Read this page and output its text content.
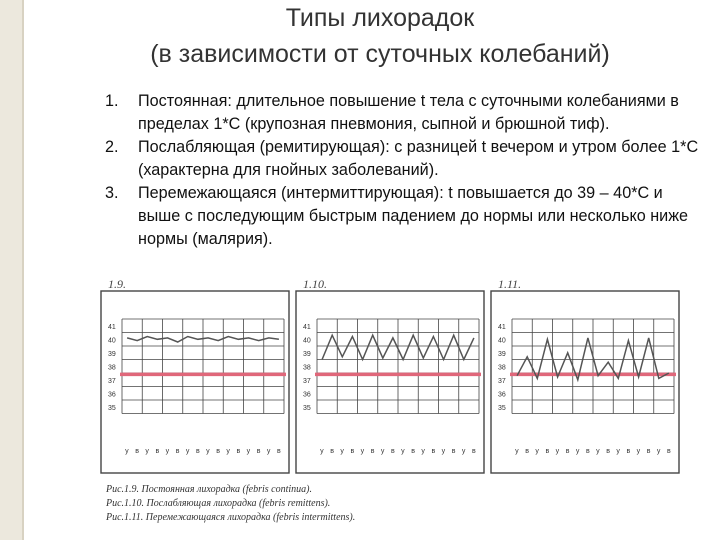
Типы лихорадок
(в зависимости от суточных колебаний)
1. Постоянная: длительное повышение t тела с суточными колебаниями в пределах 1*С (крупозная пневмония, сыпной и брюшной тиф).
2. Послабляющая (ремитирующая): с разницей t вечером и утром более 1*С (характерна для гнойных заболеваний).
3. Перемежающаяся (интермиттирующая): t повышается до 39 – 40*С и выше с последующим быстрым падением до нормы или несколько ниже нормы (малярия).
1.9.
41
40
39
38
37
36
35
у в у в у в у в у в у в у в у в
1.10.
41
40
39
38
37
36
35
у в у в у в у в у в у в у в у в
1.11.
41
40
39
38
37
36
35
у в у в у в у в у в у в у в у в
Рис.1.9. Постоянная лихорадка (febris continua).
Рис.1.10. Послабляющая лихорадка (febris remittens).
Рис.1.11. Перемежающаяся лихорадка (febris intermittens).
